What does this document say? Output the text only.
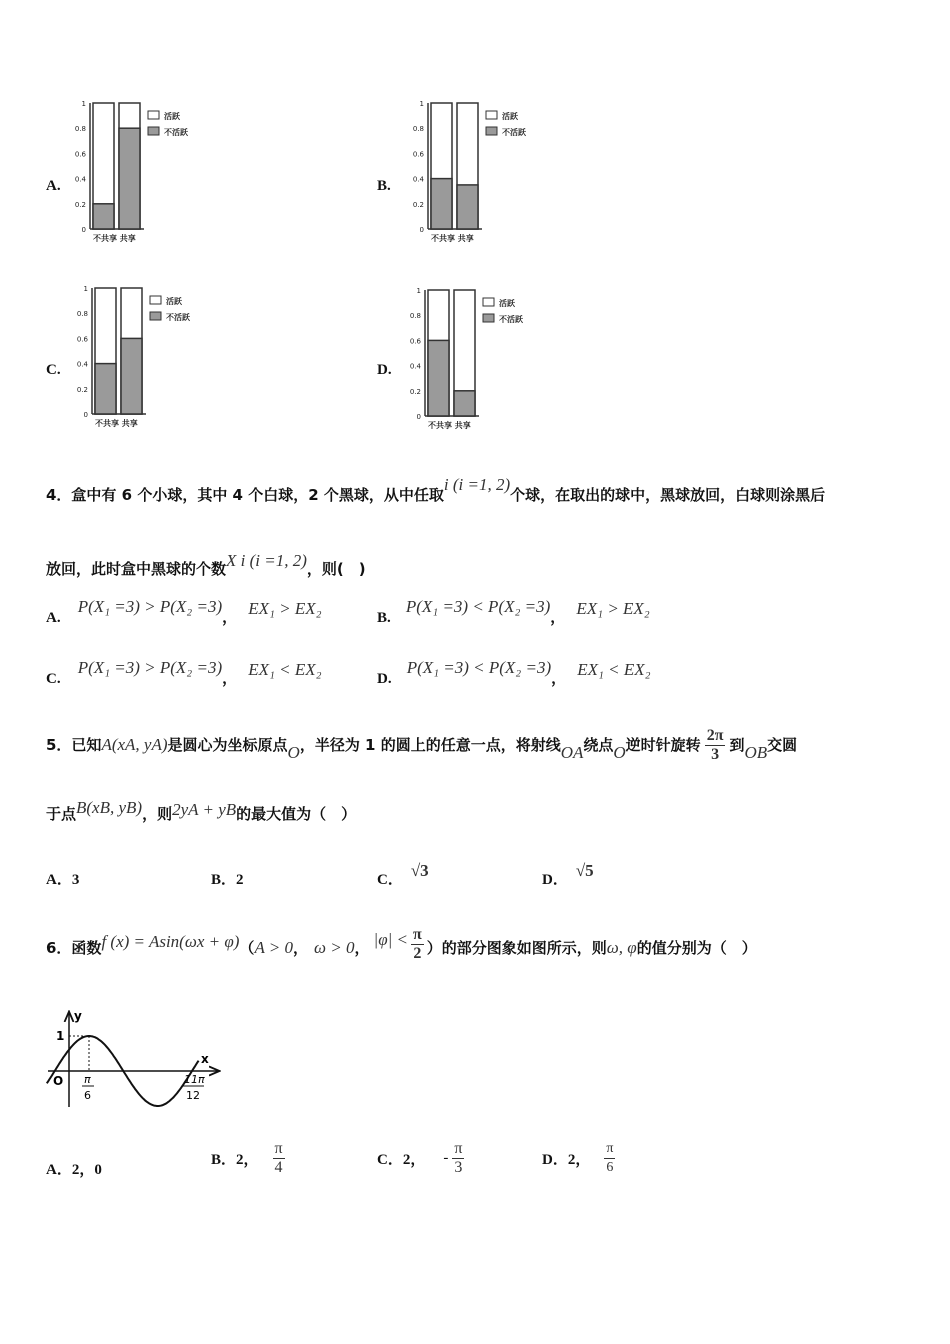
A.
0
0.2
0.4
0.6
0.8
1
不共享 共享
活跃
不活跃
B.
0
0.2
0.4
0.6
0.8
1
不共享 共享
活跃
不活跃
C.
0
0.2
0.4
0.6
0.8
1
不共享 共享
活跃
不活跃
D.
0
0.2
0.4
0.6
0.8
1
不共享 共享
活跃
不活跃
4．盒中有 6 个小球，其中 4 个白球，2 个黑球，从中任取i (i =1, 2)个球，在取出的球中，黑球放回，白球则涂黑后
放回，此时盒中黑球的个数X i (i =1, 2)，则(　)
A. P(X₁ =3) > P(X₂ =3)， EX₁ > EX₂	B. P(X₁ =3) < P(X₂ =3)， EX₁ > EX₂
C. P(X₁ =3) > P(X₂ =3)， EX₁ < EX₂	D. P(X₁ =3) < P(X₂ =3)， EX₁ < EX₂
5．已知A(xA, yA)是圆心为坐标原点O，半径为 1 的圆上的任意一点，将射线OA绕点O逆时针旋转 $\frac{2\pi}{3}$ 到OB交圆
于点B(xB, yB)，则2yA + yB的最大值为（　）
A．3	B．2	C． √3	D． √5
6．函数f (x) = Asin(ωx + φ)（A > 0， ω > 0， $|\varphi| < \frac{\pi}{2}$ ）的部分图象如图所示，则ω, φ的值分别为（　）
y
x
1
O π
6
11π
12
A．2，0
B．2， $\frac{\pi}{4}$	C．2， - $\frac{\pi}{3}$	D．2， $\frac{\pi}{6}$
